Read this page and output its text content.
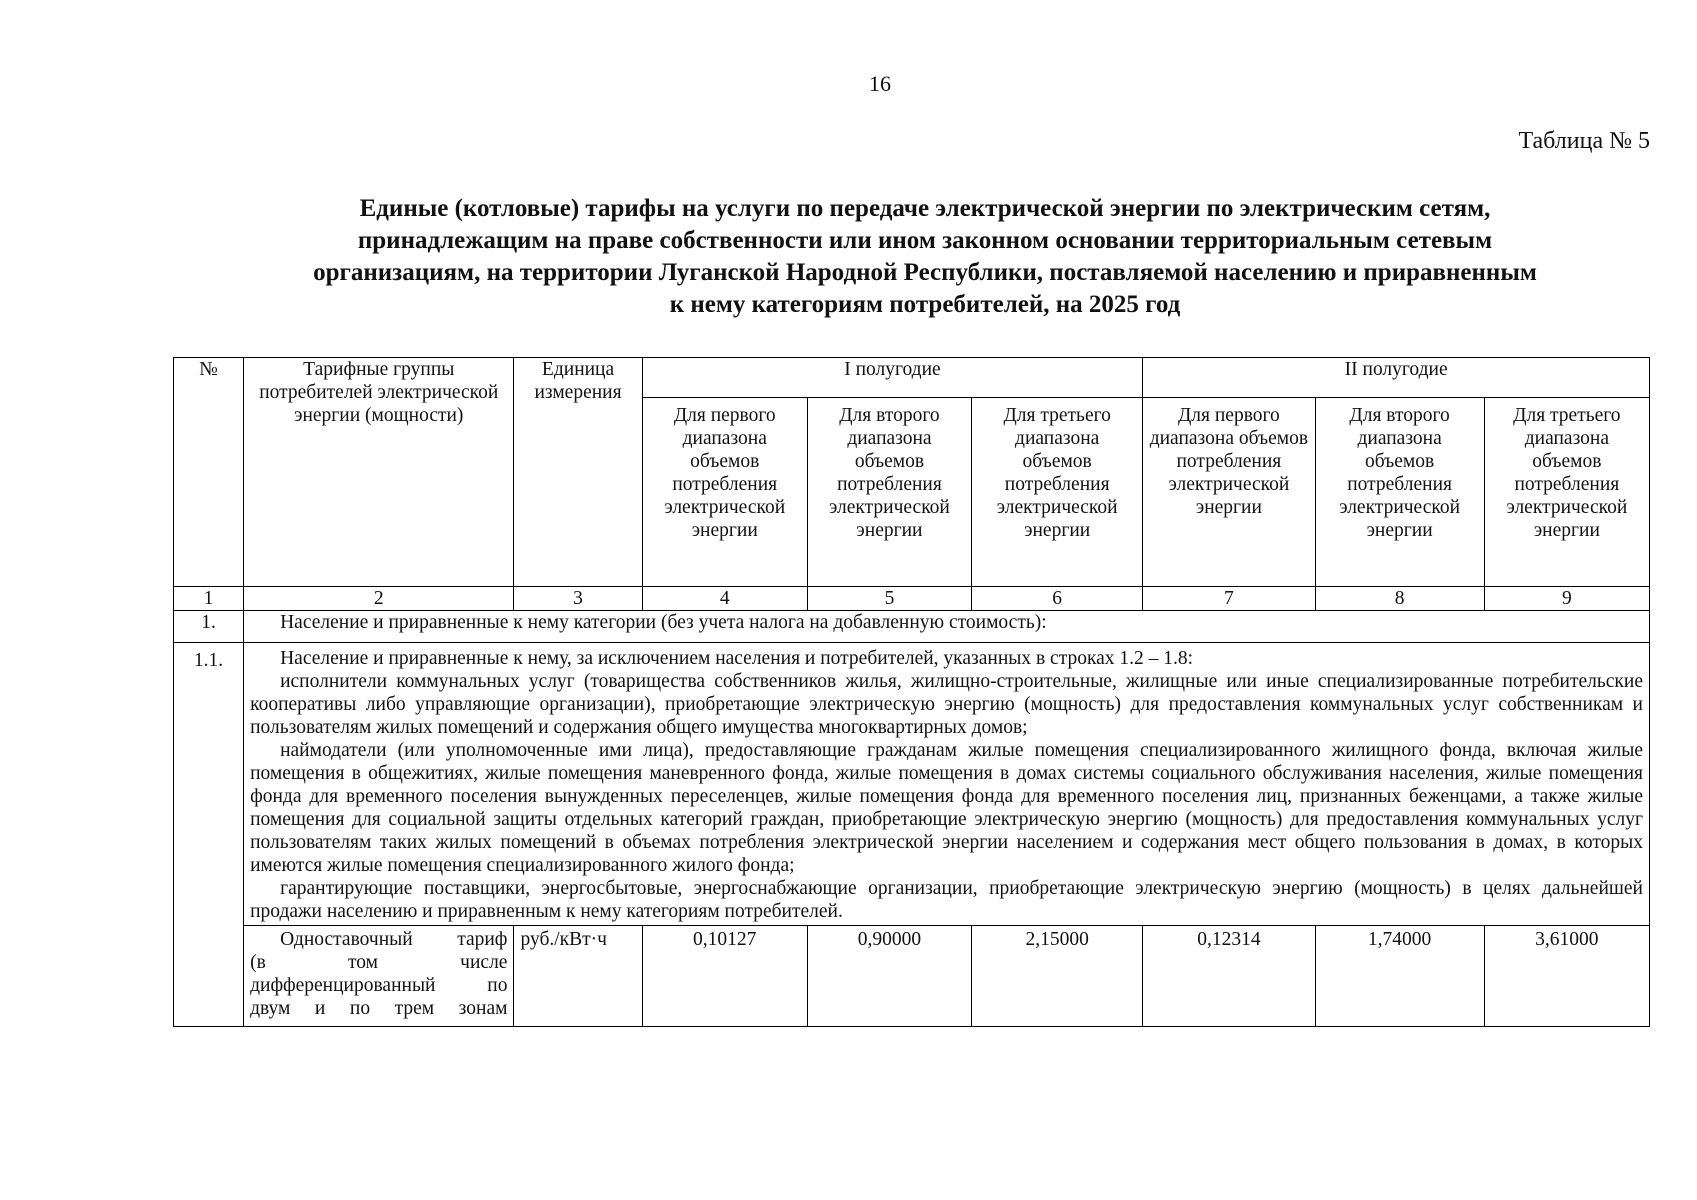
16
Таблица № 5
Единые (котловые) тарифы на услуги по передаче электрической энергии по электрическим сетям,
принадлежащим на праве собственности или ином законном основании территориальным сетевым
организациям, на территории Луганской Народной Республики, поставляемой населению и приравненным
к нему категориям потребителей, на 2025 год
№	Тарифные группы потребителей электрической энергии (мощности)	Единица измерения	I полугодие			II полугодие		
			Для первого диапазона объемов потребления электрической энергии	Для второго диапазона объемов потребления электрической энергии	Для третьего диапазона объемов потребления электрической энергии	Для первого диапазона объемов потребления электрической энергии	Для второго диапазона объемов потребления электрической энергии	Для третьего диапазона объемов потребления электрической энергии
1	2	3	4	5	6	7	8	9
1.	Население и приравненные к нему категории (без учета налога на добавленную стоимость):							

1.1.	Население и приравненные к нему, за исключением населения и потребителей, указанных в строках 1.2 – 1.8:

исполнители коммунальных услуг (товарищества собственников жилья, жилищно-строительные, жилищные или иные специализированные потребительские кооперативы либо управляющие организации), приобретающие электрическую энергию (мощность) для предоставления коммунальных услуг собственникам и пользователям жилых помещений и содержания общего имущества многоквартирных домов;

наймодатели (или уполномоченные ими лица), предоставляющие гражданам жилые помещения специализированного жилищного фонда, включая жилые помещения в общежитиях, жилые помещения маневренного фонда, жилые помещения в домах системы социального обслуживания населения, жилые помещения фонда для временного поселения вынужденных переселенцев, жилые помещения фонда для временного поселения лиц, признанных беженцами, а также жилые помещения для социальной защиты отдельных категорий граждан, приобретающие электрическую энергию (мощность) для предоставления коммунальных услуг пользователям таких жилых помещений в объемах потребления электрической энергии населением и содержания мест общего пользования в домах, в которых имеются жилые помещения специализированного жилого фонда;

гарантирующие поставщики, энергосбытовые, энергоснабжающие организации, приобретающие электрическую энергию (мощность) в целях дальнейшей продажи населению и приравненным к нему категориям потребителей.							

	Одноставочный тариф
(в том числе
дифференцированный по
двум и по трем зонам	руб./кВт·ч	0,10127	0,90000	2,15000	0,12314	1,74000	3,61000
